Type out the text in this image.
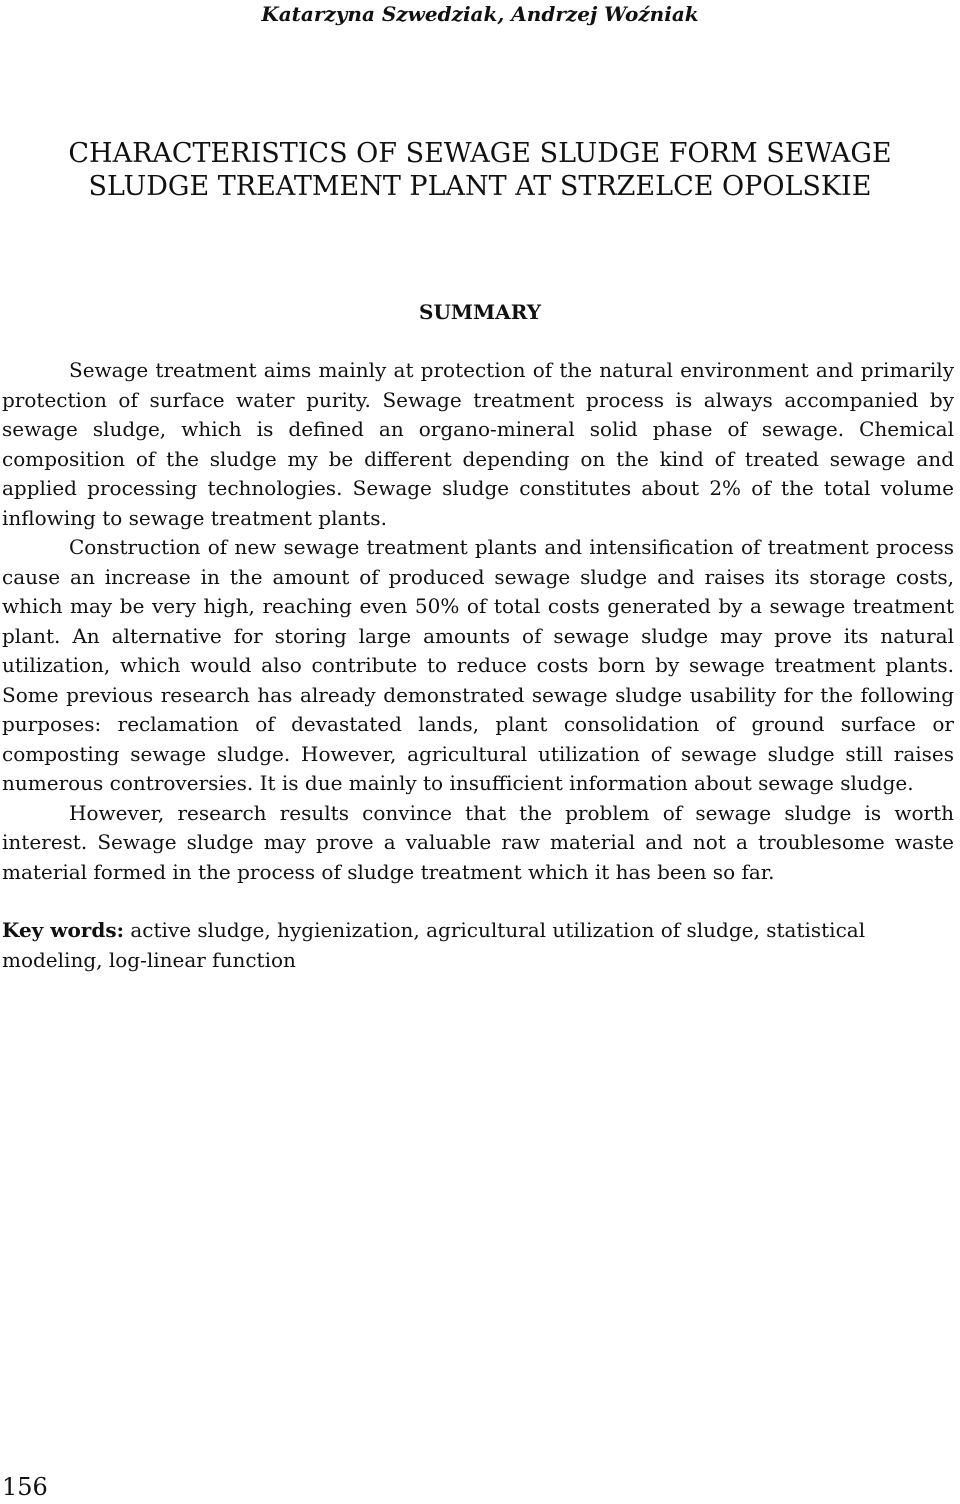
Katarzyna Szwedziak, Andrzej Woźniak

CHARACTERISTICS OF SEWAGE SLUDGE FORM SEWAGE
SLUDGE TREATMENT PLANT AT STRZELCE OPOLSKIE
SUMMARY

Sewage treatment aims mainly at protection of the natural environment and primarily protection of surface water purity. Sewage treatment process is always accompanied by sewage sludge, which is defined an organo-mineral solid phase of sewage. Chemical composition of the sludge my be different depending on the kind of treated sewage and applied processing technologies. Sewage sludge constitutes about 2% of the total volume inflowing to sewage treatment plants.

Construction of new sewage treatment plants and intensification of treatment process cause an increase in the amount of produced sewage sludge and raises its storage costs, which may be very high, reaching even 50% of total costs generated by a sewage treatment plant. An alternative for storing large amounts of sewage sludge may prove its natural utilization, which would also contribute to reduce costs born by sewage treatment plants. Some previous research has already demonstrated sewage sludge usability for the following purposes: reclamation of devastated lands, plant consolidation of ground surface or composting sewage sludge. However, agricultural utilization of sewage sludge still raises numerous controversies. It is due mainly to insufficient information about sewage sludge.

However, research results convince that the problem of sewage sludge is worth interest. Sewage sludge may prove a valuable raw material and not a troublesome waste material formed in the process of sludge treatment which it has been so far.

Key words: active sludge, hygienization, agricultural utilization of sludge, statistical modeling, log-linear function

156
